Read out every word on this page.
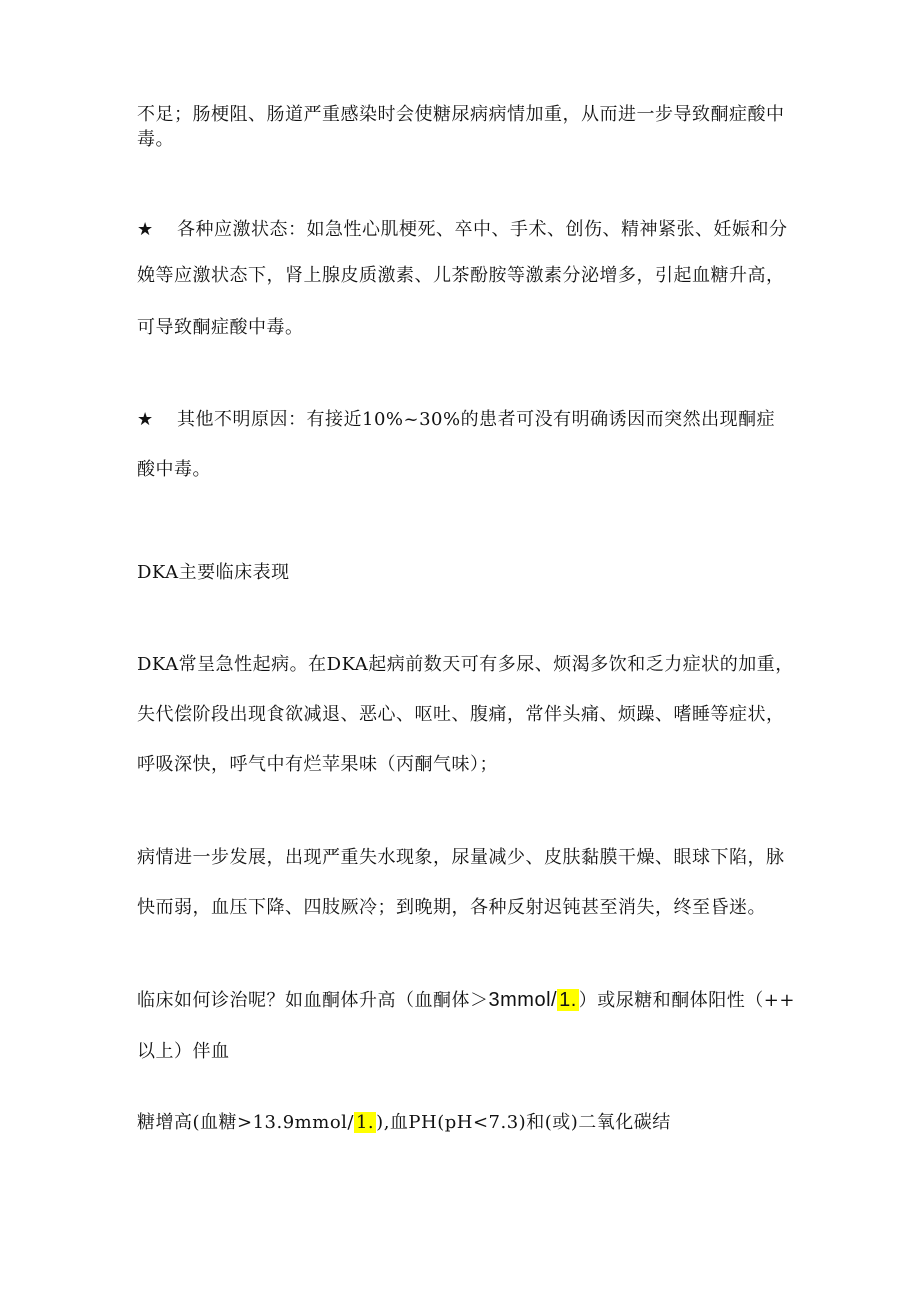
不足；肠梗阻、肠道严重感染时会使糖尿病病情加重，从而进一步导致酮症酸中
毒。
★ 各种应激状态：如急性心肌梗死、卒中、手术、创伤、精神紧张、妊娠和分
娩等应激状态下，肾上腺皮质激素、儿茶酚胺等激素分泌增多，引起血糖升高，
可导致酮症酸中毒。
★ 其他不明原因：有接近10%~30%的患者可没有明确诱因而突然出现酮症
酸中毒。
DKA主要临床表现
DKA常呈急性起病。在DKA起病前数天可有多尿、烦渴多饮和乏力症状的加重，
失代偿阶段出现食欲减退、恶心、呕吐、腹痛，常伴头痛、烦躁、嗜睡等症状，
呼吸深快，呼气中有烂苹果味（丙酮气味）；
病情进一步发展，出现严重失水现象，尿量减少、皮肤黏膜干燥、眼球下陷，脉
快而弱，血压下降、四肢厥冷；到晚期，各种反射迟钝甚至消失，终至昏迷。
临床如何诊治呢？如血酮体升高（血酮体＞3mmol/ 1. ）或尿糖和酮体阳性（++
以上）伴血
糖增高(血糖>13.9mmol/ 1. ),血PH(pH<7.3)和(或)二氧化碳结
